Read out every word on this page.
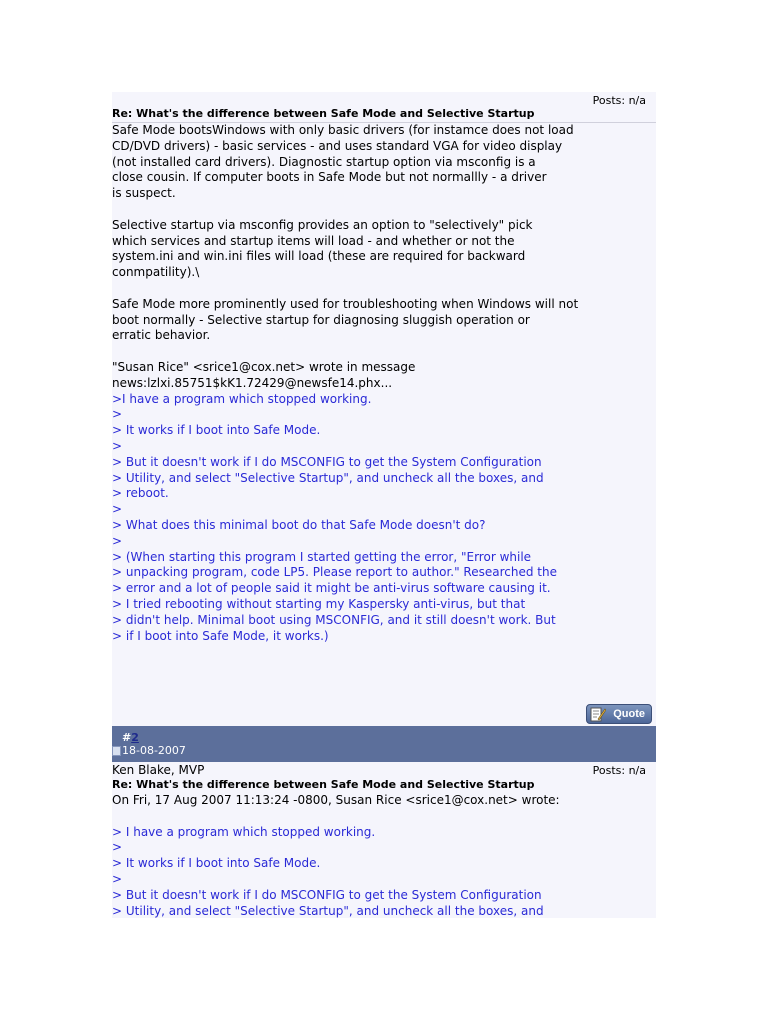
Posts: n/a
Re: What's the difference between Safe Mode and Selective Startup
Safe Mode bootsWindows with only basic drivers (for instamce does not load
CD/DVD drivers) - basic services - and uses standard VGA for video display
(not installed card drivers). Diagnostic startup option via msconfig is a
close cousin. If computer boots in Safe Mode but not normallly - a driver
is suspect.
Selective startup via msconfig provides an option to "selectively" pick
which services and startup items will load - and whether or not the
system.ini and win.ini files will load (these are required for backward
conmpatility).\
Safe Mode more prominently used for troubleshooting when Windows will not
boot normally - Selective startup for diagnosing sluggish operation or
erratic behavior.
"Susan Rice" <srice1@cox.net> wrote in message
news:lzlxi.85751$kK1.72429@newsfe14.phx...
>I have a program which stopped working.
>
> It works if I boot into Safe Mode.
>
> But it doesn't work if I do MSCONFIG to get the System Configuration
> Utility, and select "Selective Startup", and uncheck all the boxes, and
> reboot.
>
> What does this minimal boot do that Safe Mode doesn't do?
>
> (When starting this program I started getting the error, "Error while
> unpacking program, code LP5. Please report to author." Researched the
> error and a lot of people said it might be anti-virus software causing it.
> I tried rebooting without starting my Kaspersky anti-virus, but that
> didn't help. Minimal boot using MSCONFIG, and it still doesn't work. But
> if I boot into Safe Mode, it works.)
Quote
#2
18-08-2007
Ken Blake, MVP	Posts: n/a
Re: What's the difference between Safe Mode and Selective Startup
On Fri, 17 Aug 2007 11:13:24 -0800, Susan Rice <srice1@cox.net> wrote:
> I have a program which stopped working.
>
> It works if I boot into Safe Mode.
>
> But it doesn't work if I do MSCONFIG to get the System Configuration
> Utility, and select "Selective Startup", and uncheck all the boxes, and
